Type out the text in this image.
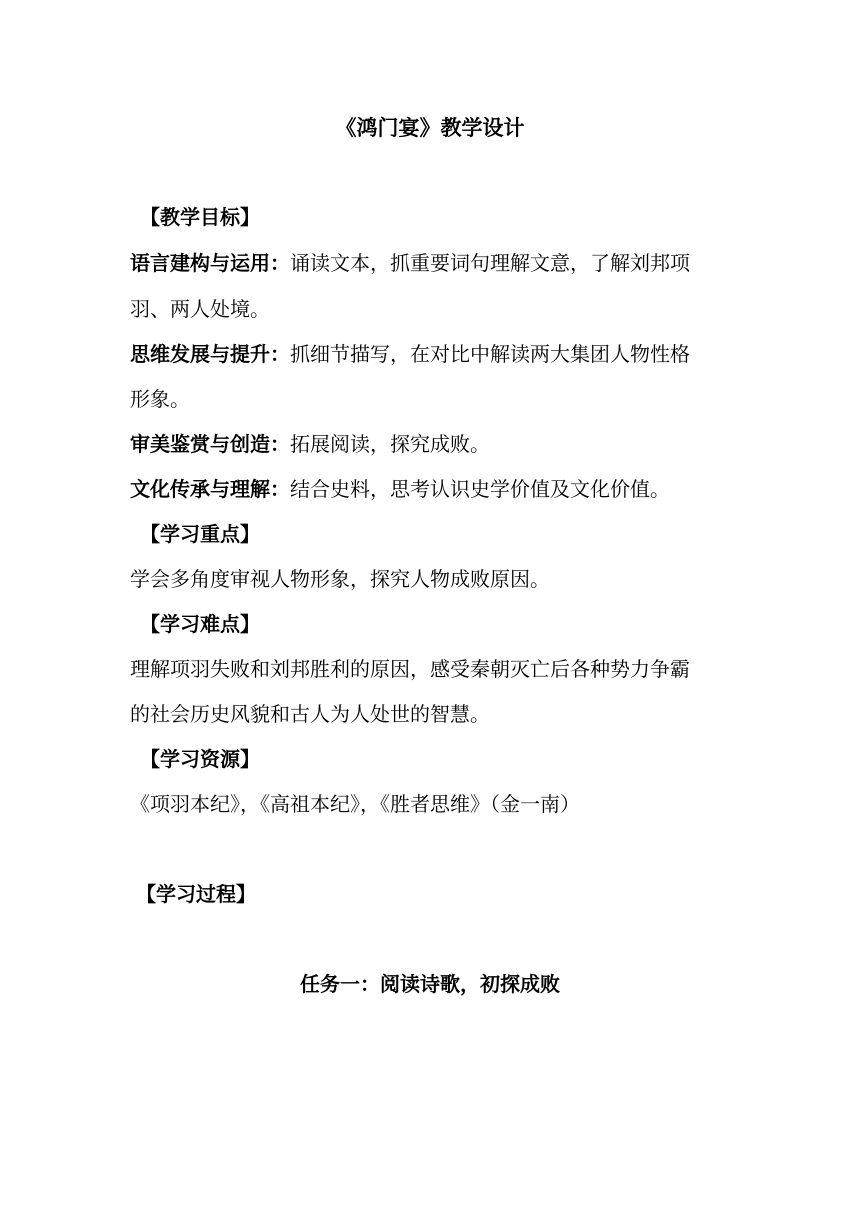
《鸿门宴》教学设计
【教学目标】
语言建构与运用：诵读文本，抓重要词句理解文意，了解刘邦项
羽、两人处境。
思维发展与提升：抓细节描写，在对比中解读两大集团人物性格
形象。
审美鉴赏与创造：拓展阅读，探究成败。
文化传承与理解：结合史料，思考认识史学价值及文化价值。
【学习重点】
学会多角度审视人物形象，探究人物成败原因。
【学习难点】
理解项羽失败和刘邦胜利的原因，感受秦朝灭亡后各种势力争霸
的社会历史风貌和古人为人处世的智慧。
【学习资源】
《项羽本纪》，《高祖本纪》，《胜者思维》（金一南）
【学习过程】
任务一：阅读诗歌，初探成败
